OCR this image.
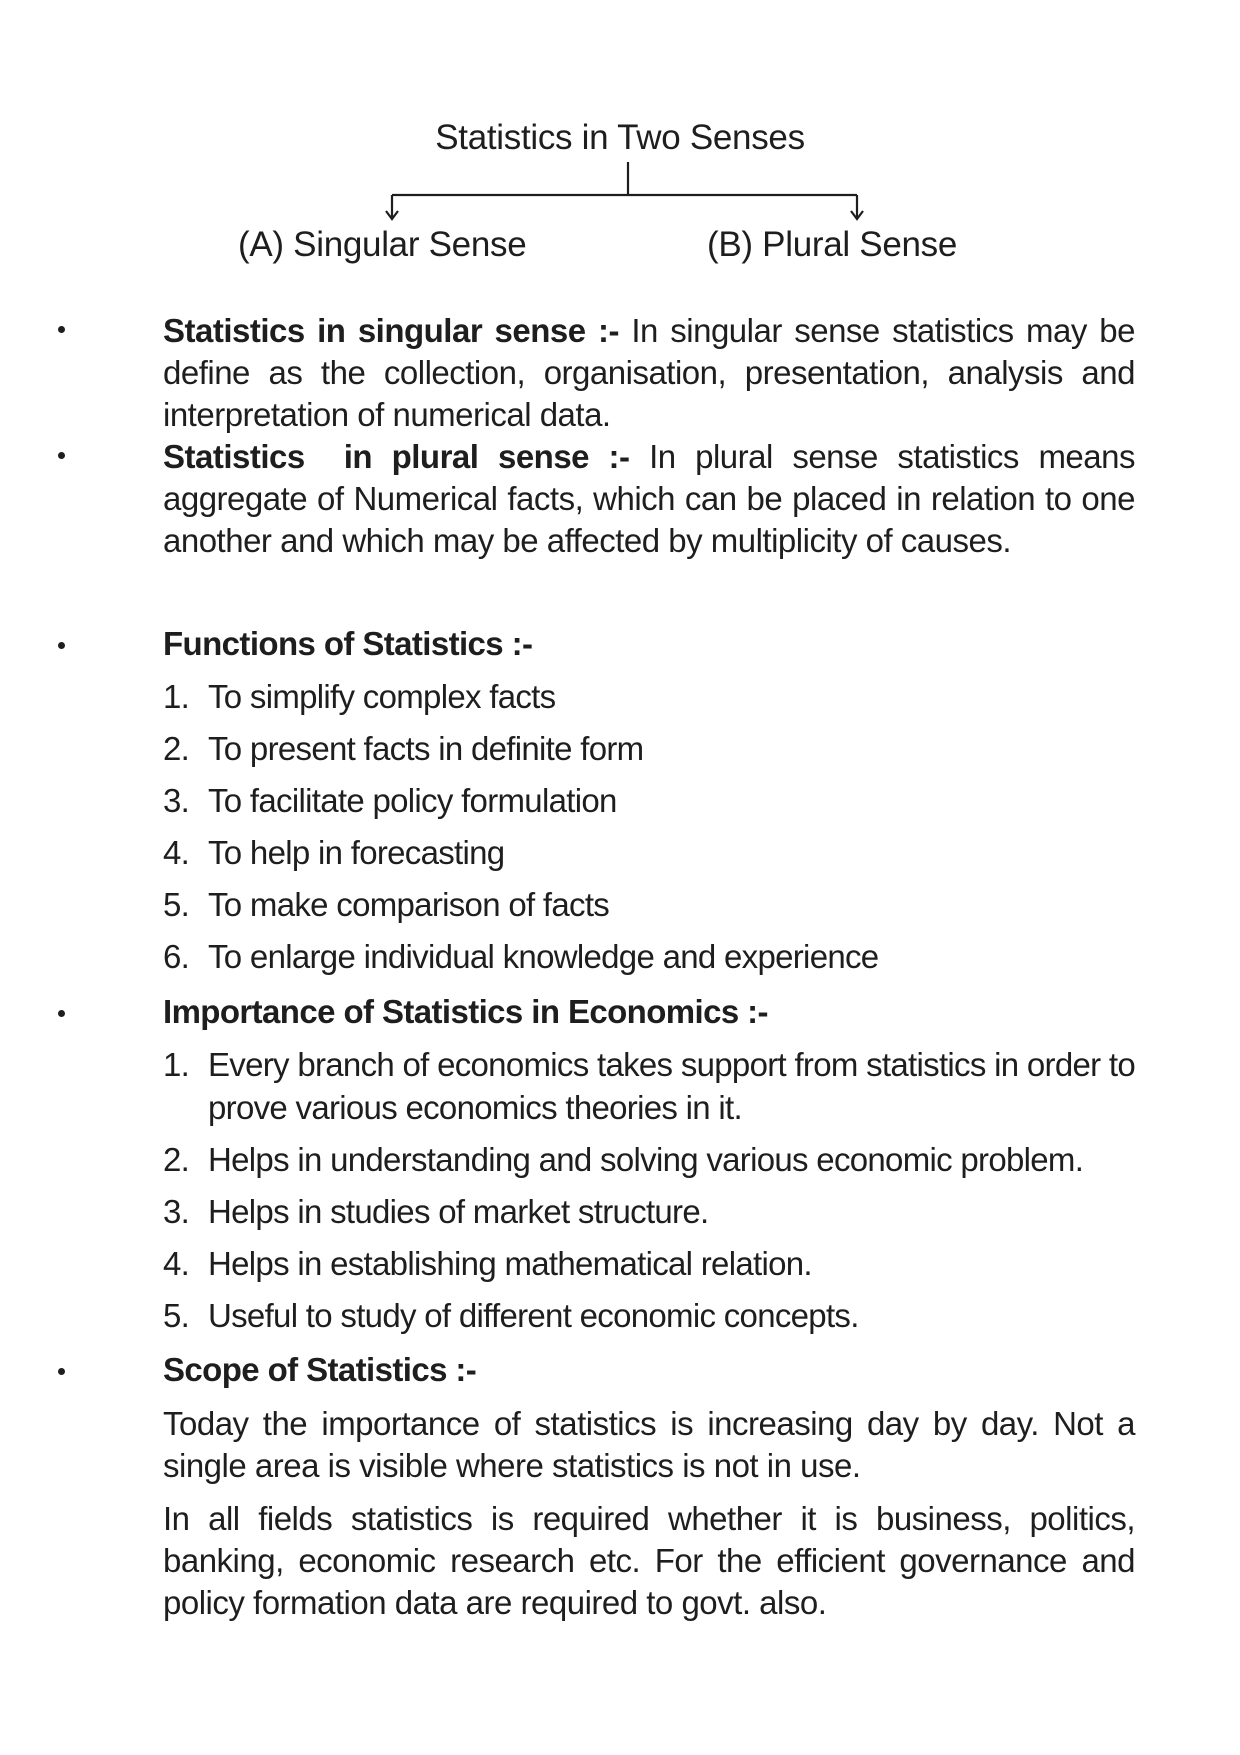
Statistics in Two Senses
(A) Singular Sense	(B) Plural Sense
Statistics in singular sense :- In singular sense statistics may be define as the collection, organisation, presentation, analysis and interpretation of numerical data.
Statistics  in plural sense :- In plural sense statistics means aggregate of Numerical facts, which can be placed in relation to one another and which may be affected by multiplicity of causes.
Functions of Statistics :-
1. To simplify complex facts
2. To present facts in definite form
3. To facilitate policy formulation
4. To help in forecasting
5. To make comparison of facts
6. To enlarge individual knowledge and experience
Importance of Statistics in Economics :-
1. Every branch of economics takes support from statistics in order to prove various economics theories in it.
2. Helps in understanding and solving various economic problem.
3. Helps in studies of market structure.
4. Helps in establishing mathematical relation.
5. Useful to study of different economic concepts.
Scope of Statistics :-
Today the importance of statistics is increasing day by day. Not a single area is visible where statistics is not in use.
In all fields statistics is required whether it is business, politics, banking, economic research etc. For the efficient governance and policy formation data are required to govt. also.
